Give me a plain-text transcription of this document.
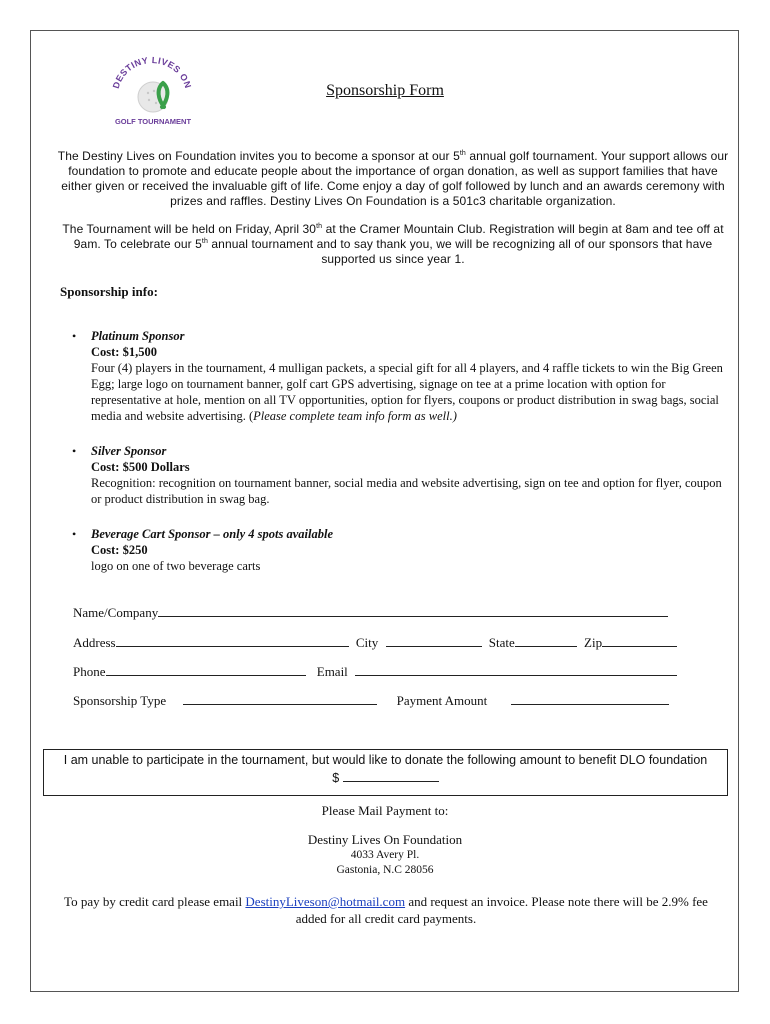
DESTINY LIVES ON
GOLF TOURNAMENT
Sponsorship Form
The Destiny Lives on Foundation invites you to become a sponsor at our 5th annual golf tournament. Your support allows our foundation to promote and educate people about the importance of organ donation, as well as support families that have either given or received the invaluable gift of life. Come enjoy a day of golf followed by lunch and an awards ceremony with prizes and raffles. Destiny Lives On Foundation is a 501c3 charitable organization.
The Tournament will be held on Friday, April 30th at the Cramer Mountain Club. Registration will begin at 8am and tee off at 9am. To celebrate our 5th annual tournament and to say thank you, we will be recognizing all of our sponsors that have supported us since year 1.
Sponsorship info:
• Platinum Sponsor
Cost: $1,500
Four (4) players in the tournament, 4 mulligan packets, a special gift for all 4 players, and 4 raffle tickets to win the Big Green Egg; large logo on tournament banner, golf cart GPS advertising, signage on tee at a prime location with option for representative at hole, mention on all TV opportunities, option for flyers, coupons or product distribution in swag bags, social media and website advertising. (Please complete team info form as well.)
• Silver Sponsor
Cost: $500 Dollars
Recognition: recognition on tournament banner, social media and website advertising, sign on tee and option for flyer, coupon or product distribution in swag bag.
• Beverage Cart Sponsor – only 4 spots available
Cost: $250
logo on one of two beverage carts
Name/Company
Address	City	State	Zip
Phone	Email
Sponsorship Type	Payment Amount
I am unable to participate in the tournament, but would like to donate the following amount to benefit DLO foundation
$
Please Mail Payment to:
Destiny Lives On Foundation
4033 Avery Pl.
Gastonia, N.C 28056
To pay by credit card please email DestinyLiveson@hotmail.com and request an invoice. Please note there will be 2.9% fee added for all credit card payments.
